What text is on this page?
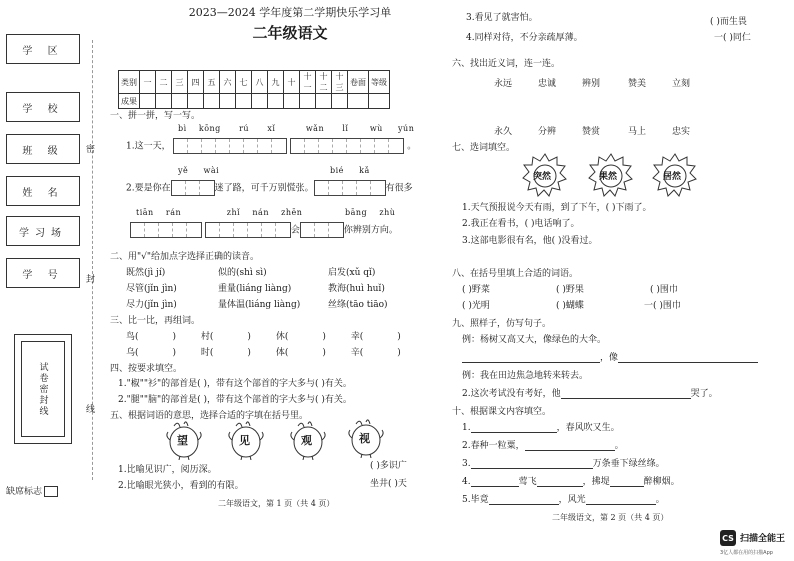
学 区
学 校
班 级
姓 名
学习场
学 号
试卷密封线
缺席标志
密
封
线
2023—2024 学年度第二学期快乐学习单
二年级语文
类别	一	二	三	四	五	六	七	八	九	十	十一	十二	十三	卷面	等级
成果															
一、拼一拼，写一写。
bì kōng rú xǐ	wǎn lǐ	wù yún
1.这一天，	。
yě wài	bié kǎ
2.要是你在	迷了路，可千万别慌张。	有很多
tiān rán	zhǐ nán zhēn	bāng zhù
会	你辨别方向。
二、用"√"给加点字选择正确的读音。
既然(jì jí)	似的(shì sì)	启发(xǔ qǐ)
尽管(jǐn jìn)	重量(liáng liàng)	教海(huì huǐ)
尽力(jǐn jìn)	量体温(liáng liàng)	丝绦(tāo tiāo)
三、比一比，再组词。
鸟(	)	村(	)	休(	)	幸(	)
乌(	)	时(	)	体(	)	辛(	)
四、按要求填空。
1."椒""衫"的部首是( )，带有这个部首的字大多与( )有关。
2."腿""脑"的部首是( )，带有这个部首的字大多与( )有关。
五、根据词语的意思，选择合适的字填在括号里。
望	见	观	视
1.比喻见识广，阅历深。	( )多识广
2.比喻眼光狭小，看到的有限。	坐井( )天
二年级语文，第 1 页（共 4 页）
3.看见了就害怕。
4.同样对待，不分亲疏厚薄。
( )而生畏
一( )同仁
六、找出近义词，连一连。
永远	忠诚	辨别	赞美	立刻
永久	分辨	赞赏	马上	忠实
七、选词填空。
突然	果然	居然
1.天气预报说今天有雨，到了下午，( )下雨了。
2.我正在看书，( )电话响了。
3.这部电影很有名，他( )没看过。
八、在括号里填上合适的词语。
( )野菜	( )野果	( )围巾
( )光明	( )蝴蝶	一( )围巾
九、照样子，仿写句子。
例：杨树又高又大，像绿色的大伞。
，像
例：我在田边焦急地转来转去。
2.这次考试没有考好，他	哭了。
十、根据课文内容填空。
1.	，春风吹又生。
2.春种一粒粟，	。
3.	万条垂下绿丝绦。
4.	莺飞	，拂堤	醉柳烟。
5.毕竟	，风光	。
二年级语文，第 2 页（共 4 页）
CS 扫描全能王
3亿人都在用的扫描App
